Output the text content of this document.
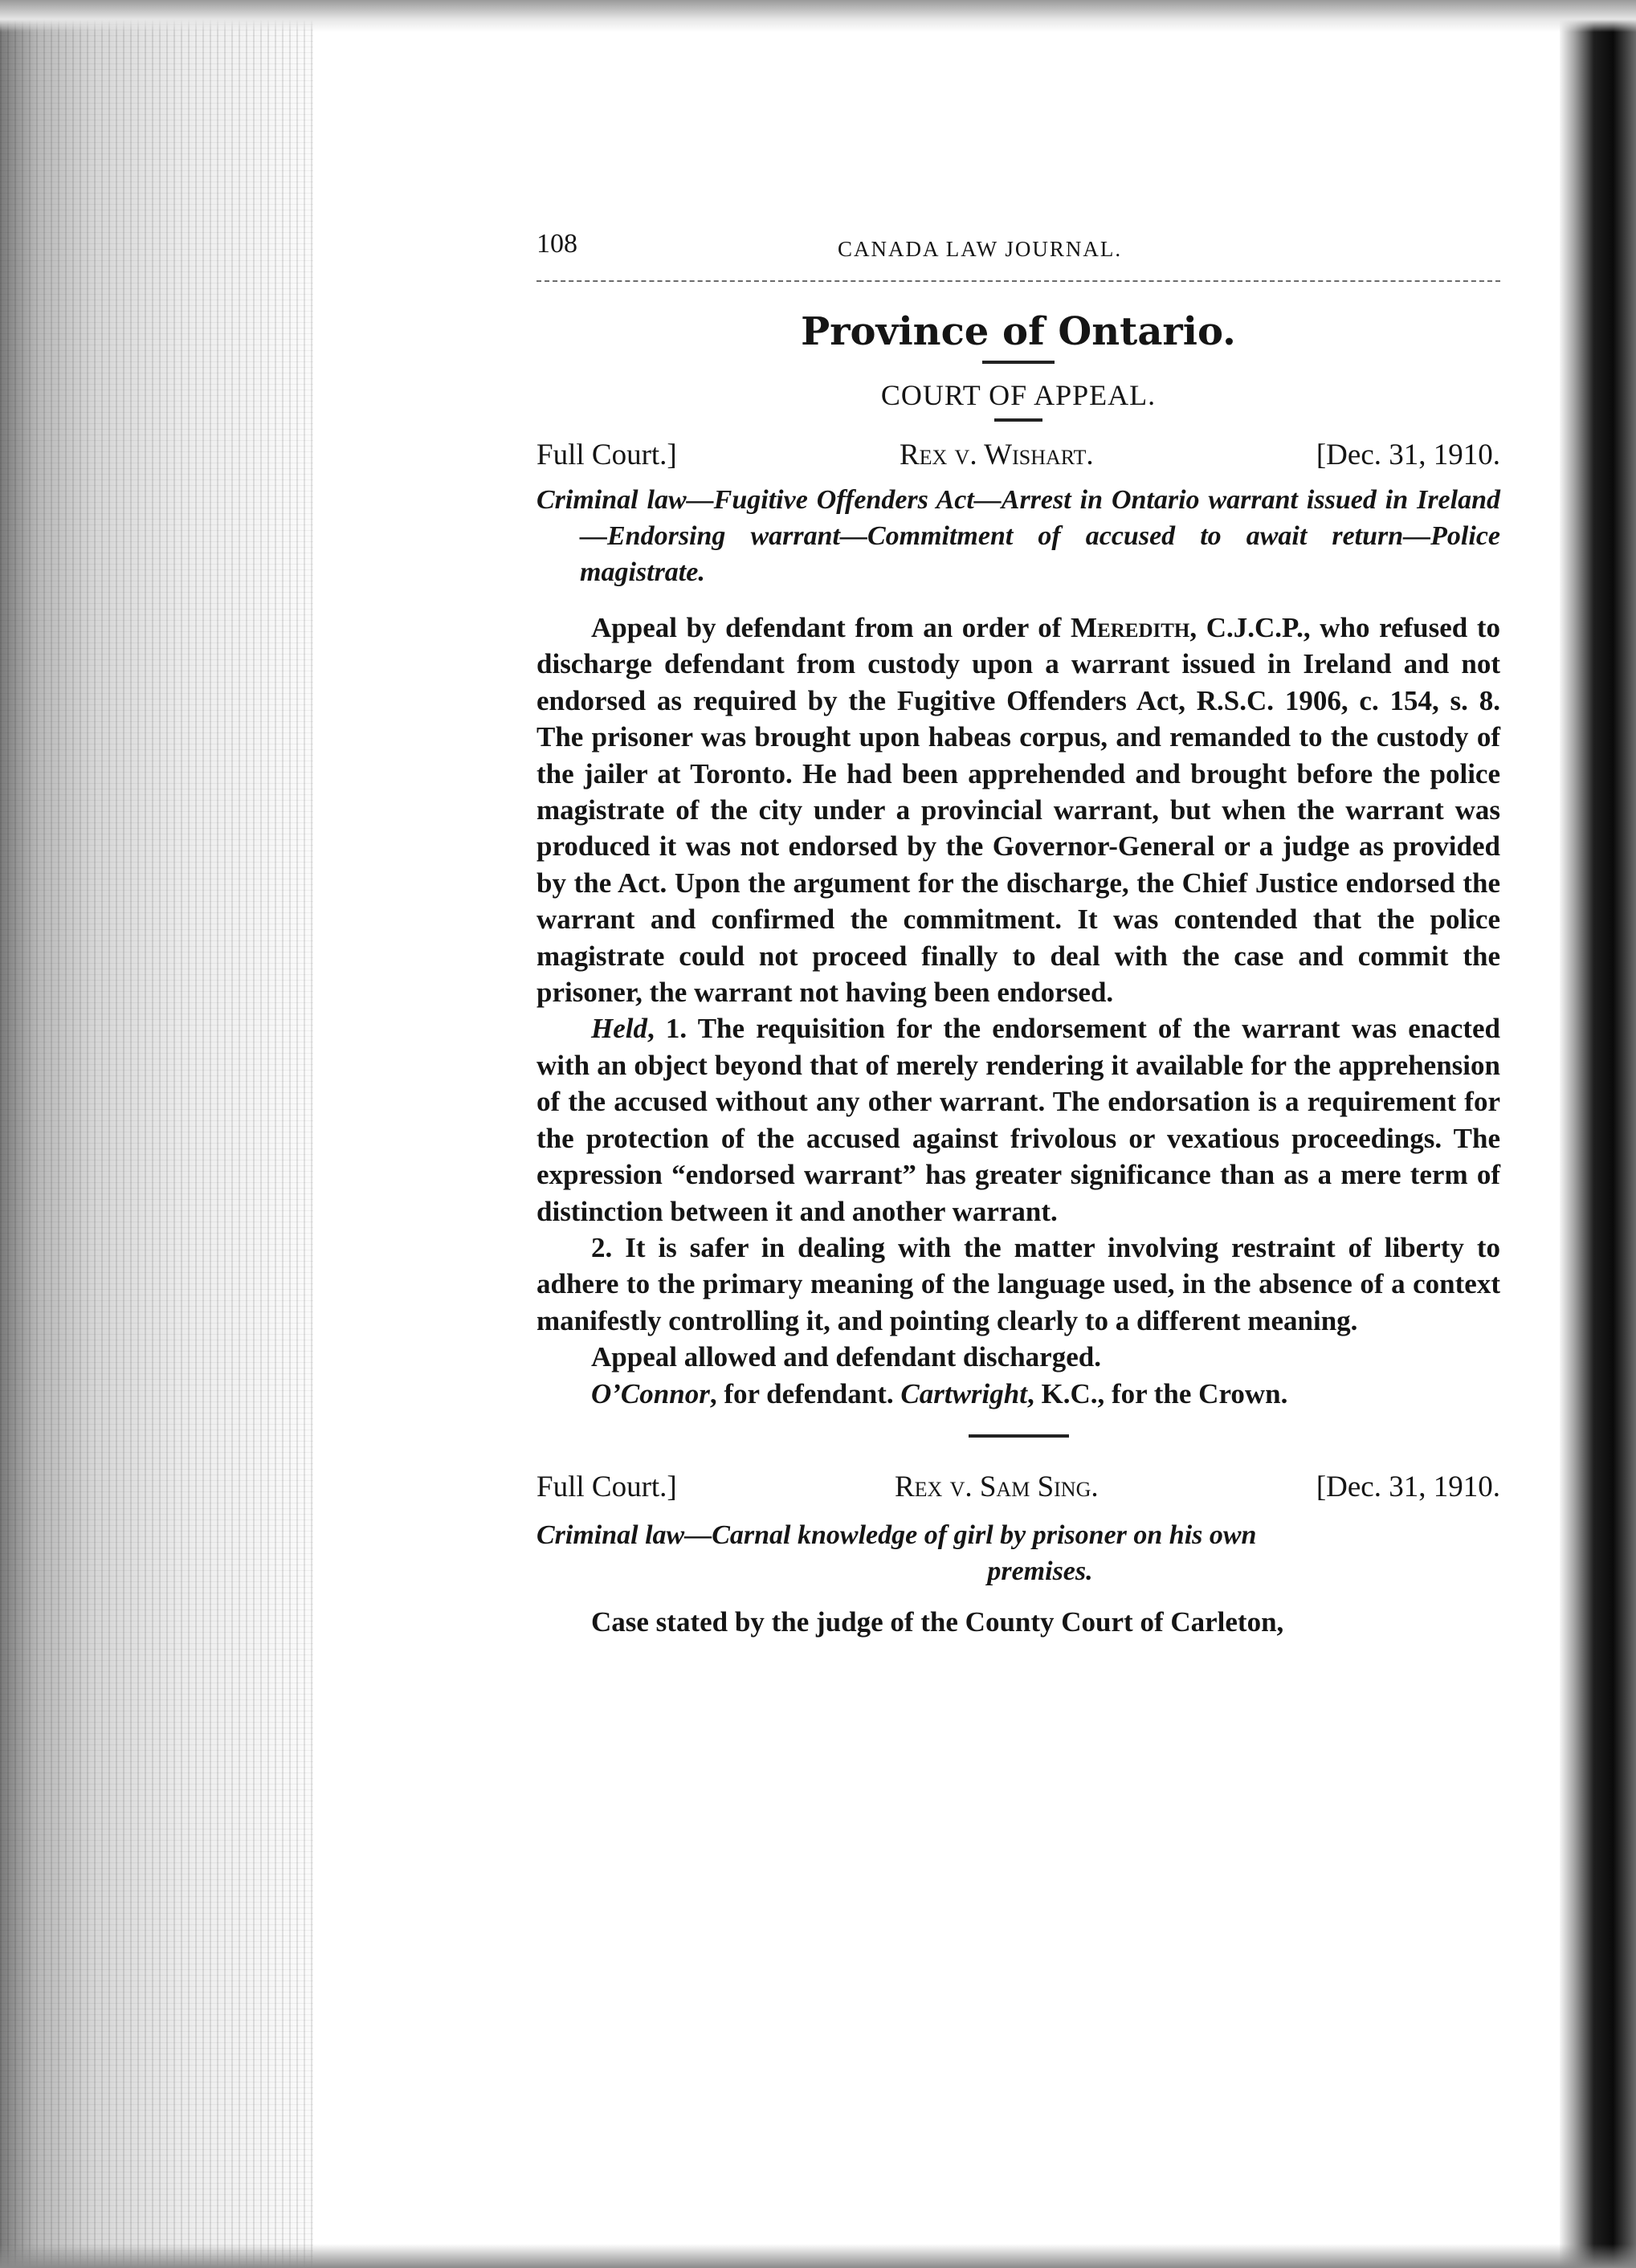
108	CANADA LAW JOURNAL.
Province of Ontario.
COURT OF APPEAL.
Full Court.]	Rex v. Wishart.	[Dec. 31, 1910.
Criminal law—Fugitive Offenders Act—Arrest in Ontario warrant issued in Ireland—Endorsing warrant—Commitment of accused to await return—Police magistrate.

Appeal by defendant from an order of Meredith, C.J.C.P., who refused to discharge defendant from custody upon a warrant issued in Ireland and not endorsed as required by the Fugitive Offenders Act, R.S.C. 1906, c. 154, s. 8. The prisoner was brought upon habeas corpus, and remanded to the custody of the jailer at Toronto. He had been apprehended and brought before the police magistrate of the city under a provincial warrant, but when the warrant was produced it was not endorsed by the Governor-General or a judge as provided by the Act. Upon the argument for the discharge, the Chief Justice endorsed the warrant and confirmed the commitment. It was contended that the police magistrate could not proceed finally to deal with the case and commit the prisoner, the warrant not having been endorsed.

Held, 1. The requisition for the endorsement of the warrant was enacted with an object beyond that of merely rendering it available for the apprehension of the accused without any other warrant. The endorsation is a requirement for the protection of the accused against frivolous or vexatious proceedings. The expression “endorsed warrant” has greater significance than as a mere term of distinction between it and another warrant.

2. It is safer in dealing with the matter involving restraint of liberty to adhere to the primary meaning of the language used, in the absence of a context manifestly controlling it, and pointing clearly to a different meaning.

Appeal allowed and defendant discharged.

O’Connor, for defendant. Cartwright, K.C., for the Crown.

Full Court.]	Rex v. Sam Sing.	[Dec. 31, 1910.
Criminal law—Carnal knowledge of girl by prisoner on his own
premises.

Case stated by the judge of the County Court of Carleton,
